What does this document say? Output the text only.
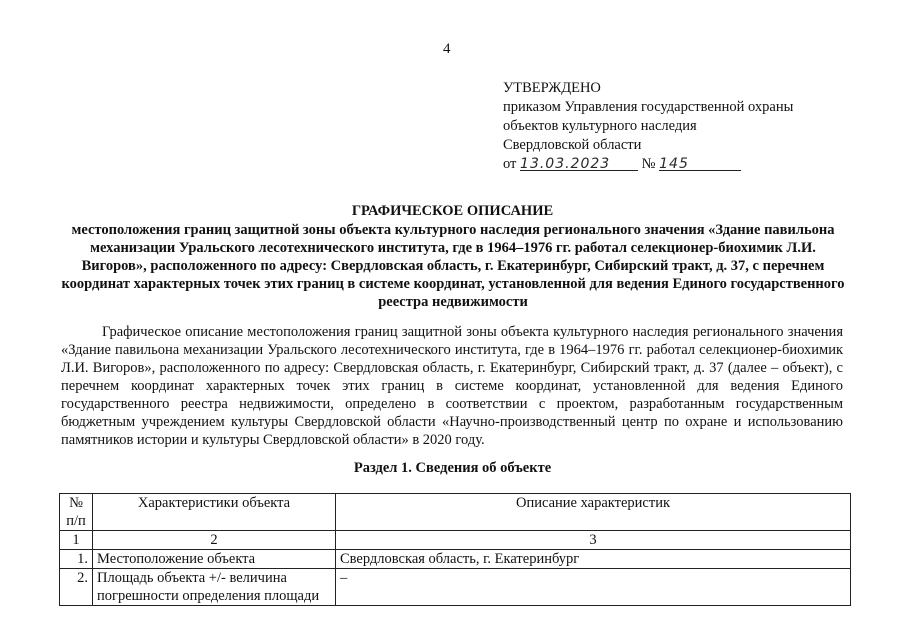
4
УТВЕРЖДЕНО
приказом Управления государственной охраны
объектов культурного наследия
Свердловской области
от 13.03.2023 № 145
ГРАФИЧЕСКОЕ ОПИСАНИЕ
местоположения границ защитной зоны объекта культурного наследия регионального значения «Здание павильона механизации Уральского лесотехнического института, где в 1964–1976 гг. работал селекционер-биохимик Л.И. Вигоров», расположенного по адресу: Свердловская область, г. Екатеринбург, Сибирский тракт, д. 37, с перечнем координат характерных точек этих границ в системе координат, установленной для ведения Единого государственного реестра недвижимости
Графическое описание местоположения границ защитной зоны объекта культурного наследия регионального значения «Здание павильона механизации Уральского лесотехнического института, где в 1964–1976 гг. работал селекционер-биохимик Л.И. Вигоров», расположенного по адресу: Свердловская область, г. Екатеринбург, Сибирский тракт, д. 37 (далее – объект), с перечнем координат характерных точек этих границ в системе координат, установленной для ведения Единого государственного реестра недвижимости, определено в соответствии с проектом, разработанным государственным бюджетным учреждением культуры Свердловской области «Научно-производственный центр по охране и использованию памятников истории и культуры Свердловской области» в 2020 году.
Раздел 1. Сведения об объекте
№ п/п	Характеристики объекта	Описание характеристик
1	2	3
1.	Местоположение объекта	Свердловская область, г. Екатеринбург
2.	Площадь объекта +/- величина погрешности определения площади	–
